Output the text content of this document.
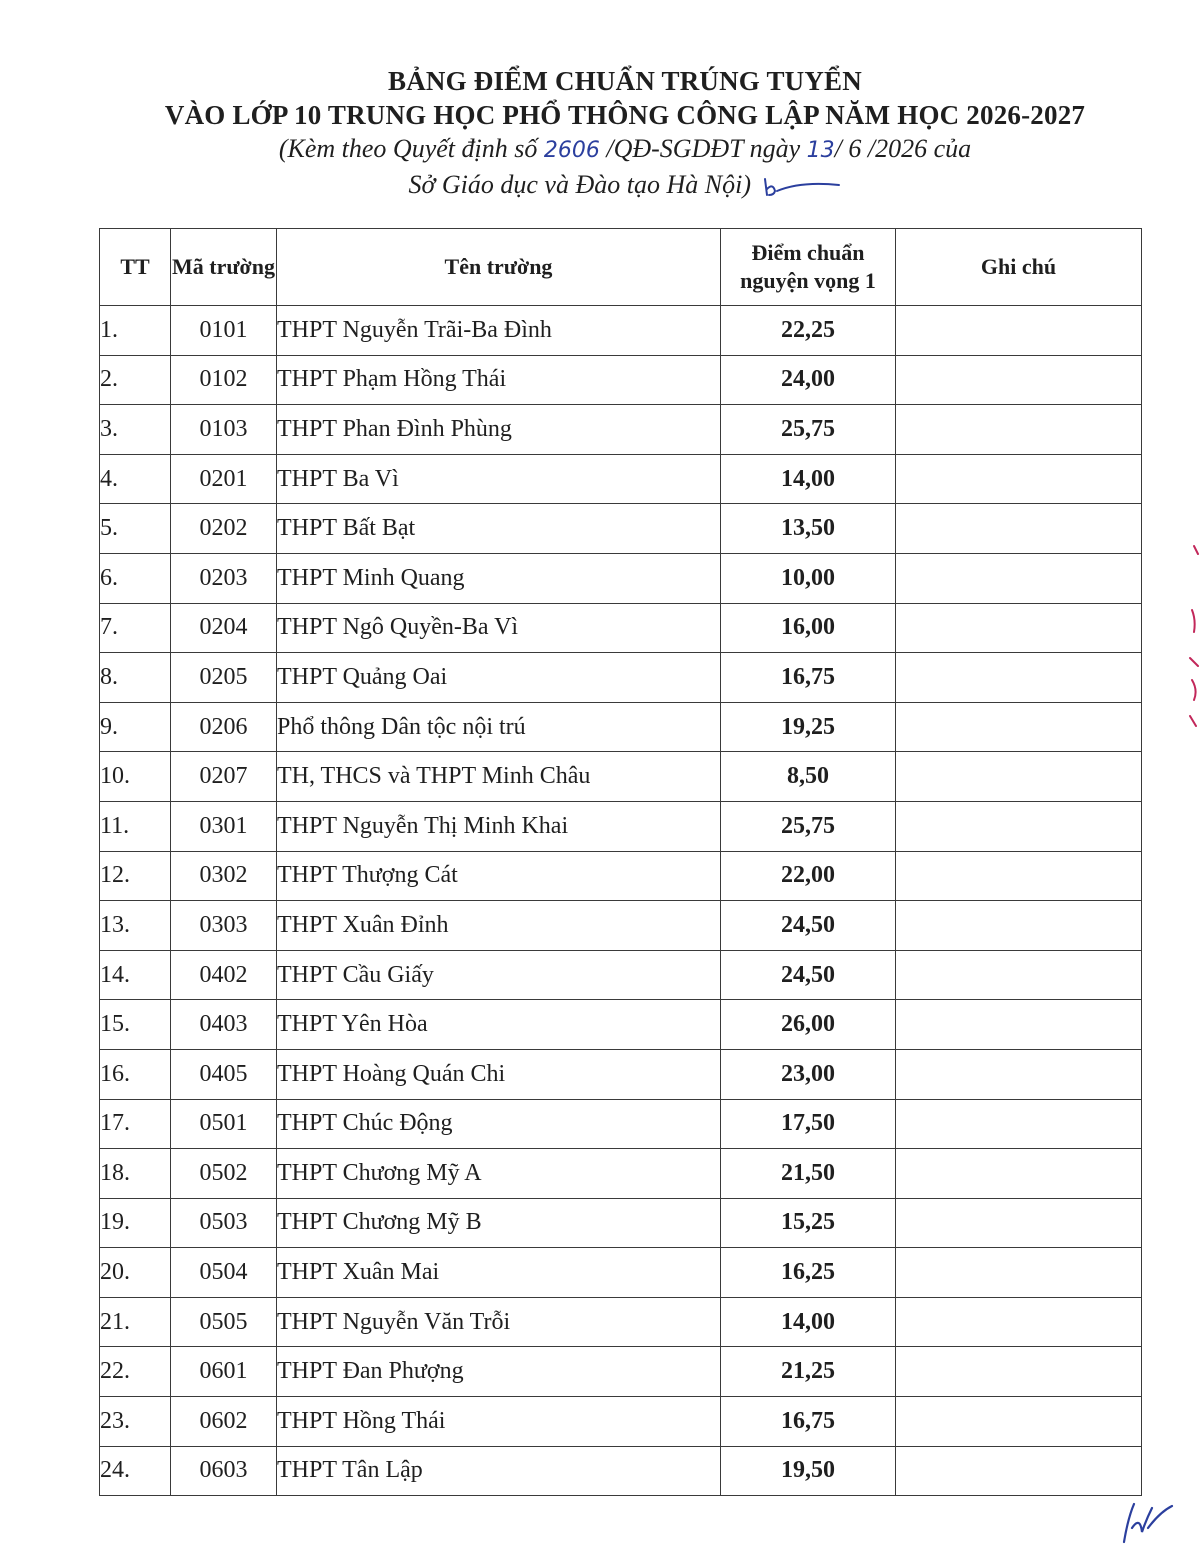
BẢNG ĐIỂM CHUẨN TRÚNG TUYỂN
VÀO LỚP 10 TRUNG HỌC PHỔ THÔNG CÔNG LẬP NĂM HỌC 2026-2027
(Kèm theo Quyết định số 2606 /QĐ-SGDĐT ngày 13/ 6 /2026 của
Sở Giáo dục và Đào tạo Hà Nội)
TT	Mã trường	Tên trường	Điểm chuẩn nguyện vọng 1	Ghi chú
1.	0101	THPT Nguyễn Trãi-Ba Đình	22,25	
2.	0102	THPT Phạm Hồng Thái	24,00	
3.	0103	THPT Phan Đình Phùng	25,75	
4.	0201	THPT Ba Vì	14,00	
5.	0202	THPT Bất Bạt	13,50	
6.	0203	THPT Minh Quang	10,00	
7.	0204	THPT Ngô Quyền-Ba Vì	16,00	
8.	0205	THPT Quảng Oai	16,75	
9.	0206	Phổ thông Dân tộc nội trú	19,25	
10.	0207	TH, THCS và THPT Minh Châu	8,50	
11.	0301	THPT Nguyễn Thị Minh Khai	25,75	
12.	0302	THPT Thượng Cát	22,00	
13.	0303	THPT Xuân Đỉnh	24,50	
14.	0402	THPT Cầu Giấy	24,50	
15.	0403	THPT Yên Hòa	26,00	
16.	0405	THPT Hoàng Quán Chi	23,00	
17.	0501	THPT Chúc Động	17,50	
18.	0502	THPT Chương Mỹ A	21,50	
19.	0503	THPT Chương Mỹ B	15,25	
20.	0504	THPT Xuân Mai	16,25	
21.	0505	THPT Nguyễn Văn Trỗi	14,00	
22.	0601	THPT Đan Phượng	21,25	
23.	0602	THPT Hồng Thái	16,75	
24.	0603	THPT Tân Lập	19,50	
